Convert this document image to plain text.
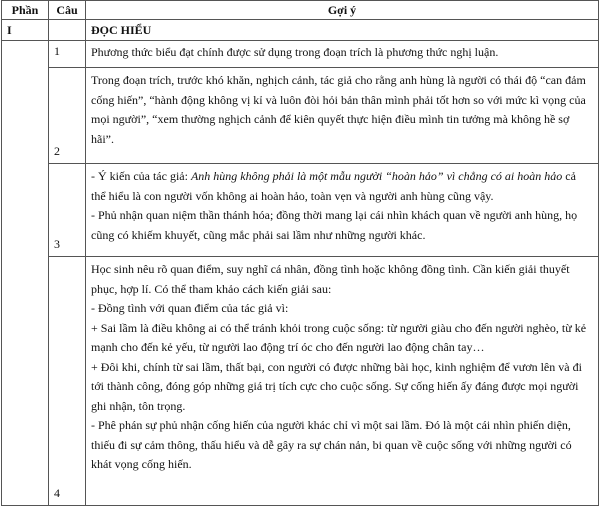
Phần	Câu	Gợi ý
I		ĐỌC HIỂU
	1	Phương thức biểu đạt chính được sử dụng trong đoạn trích là phương thức nghị luận.

	2	Trong đoạn trích, trước khó khăn, nghịch cảnh, tác giả cho rằng anh hùng là người có thái độ “can đảm cống hiến”, “hành động không vị kỉ và luôn đòi hỏi bản thân mình phải tốt hơn so với mức kì vọng của mọi người”, “xem thường nghịch cảnh để kiên quyết thực hiện điều mình tin tưởng mà không hề sợ hãi”.

	3	- Ý kiến của tác giả: Anh hùng không phải là một mẫu người “hoàn hảo” vì chẳng có ai hoàn hảo cả thể hiểu là con người vốn không ai hoàn hảo, toàn vẹn và người anh hùng cũng vậy.

- Phủ nhận quan niệm thần thánh hóa; đồng thời mang lại cái nhìn khách quan về người anh hùng, họ cũng có khiếm khuyết, cũng mắc phải sai lầm như những người khác.

	4	Học sinh nêu rõ quan điểm, suy nghĩ cá nhân, đồng tình hoặc không đồng tình. Cần kiến giải thuyết phục, hợp lí. Có thể tham khảo cách kiến giải sau:

- Đồng tình với quan điểm của tác giả vì:

+ Sai lầm là điều không ai có thể tránh khỏi trong cuộc sống: từ người giàu cho đến người nghèo, từ kẻ mạnh cho đến kẻ yếu, từ người lao động trí óc cho đến người lao động chân tay…

+ Đôi khi, chính từ sai lầm, thất bại, con người có được những bài học, kinh nghiệm để vươn lên và đi tới thành công, đóng góp những giá trị tích cực cho cuộc sống. Sự cống hiến ấy đáng được mọi người ghi nhận, tôn trọng.

- Phê phán sự phủ nhận cống hiến của người khác chỉ vì một sai lầm. Đó là một cái nhìn phiến diện, thiếu đi sự cảm thông, thấu hiểu và dễ gây ra sự chán nản, bi quan về cuộc sống với những người có khát vọng cống hiến.
